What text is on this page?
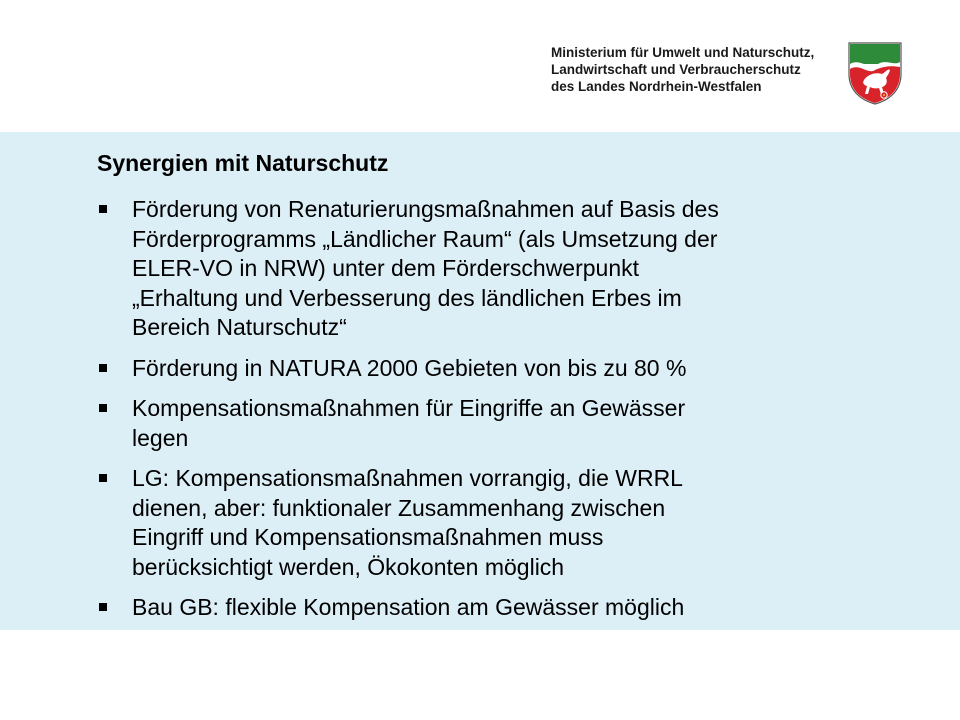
Ministerium für Umwelt und Naturschutz,
Landwirtschaft und Verbraucherschutz
des Landes Nordrhein-Westfalen
Synergien mit Naturschutz
Förderung von Renaturierungsmaßnahmen auf Basis des
Förderprogramms „Ländlicher Raum“ (als Umsetzung der
ELER-VO in NRW) unter dem Förderschwerpunkt
„Erhaltung und Verbesserung des ländlichen Erbes im
Bereich Naturschutz“
Förderung in NATURA 2000 Gebieten von bis zu 80 %
Kompensationsmaßnahmen für Eingriffe an Gewässer
legen
LG: Kompensationsmaßnahmen vorrangig, die WRRL
dienen, aber: funktionaler Zusammenhang zwischen
Eingriff und Kompensationsmaßnahmen muss
berücksichtigt werden, Ökokonten möglich
Bau GB: flexible Kompensation am Gewässer möglich
